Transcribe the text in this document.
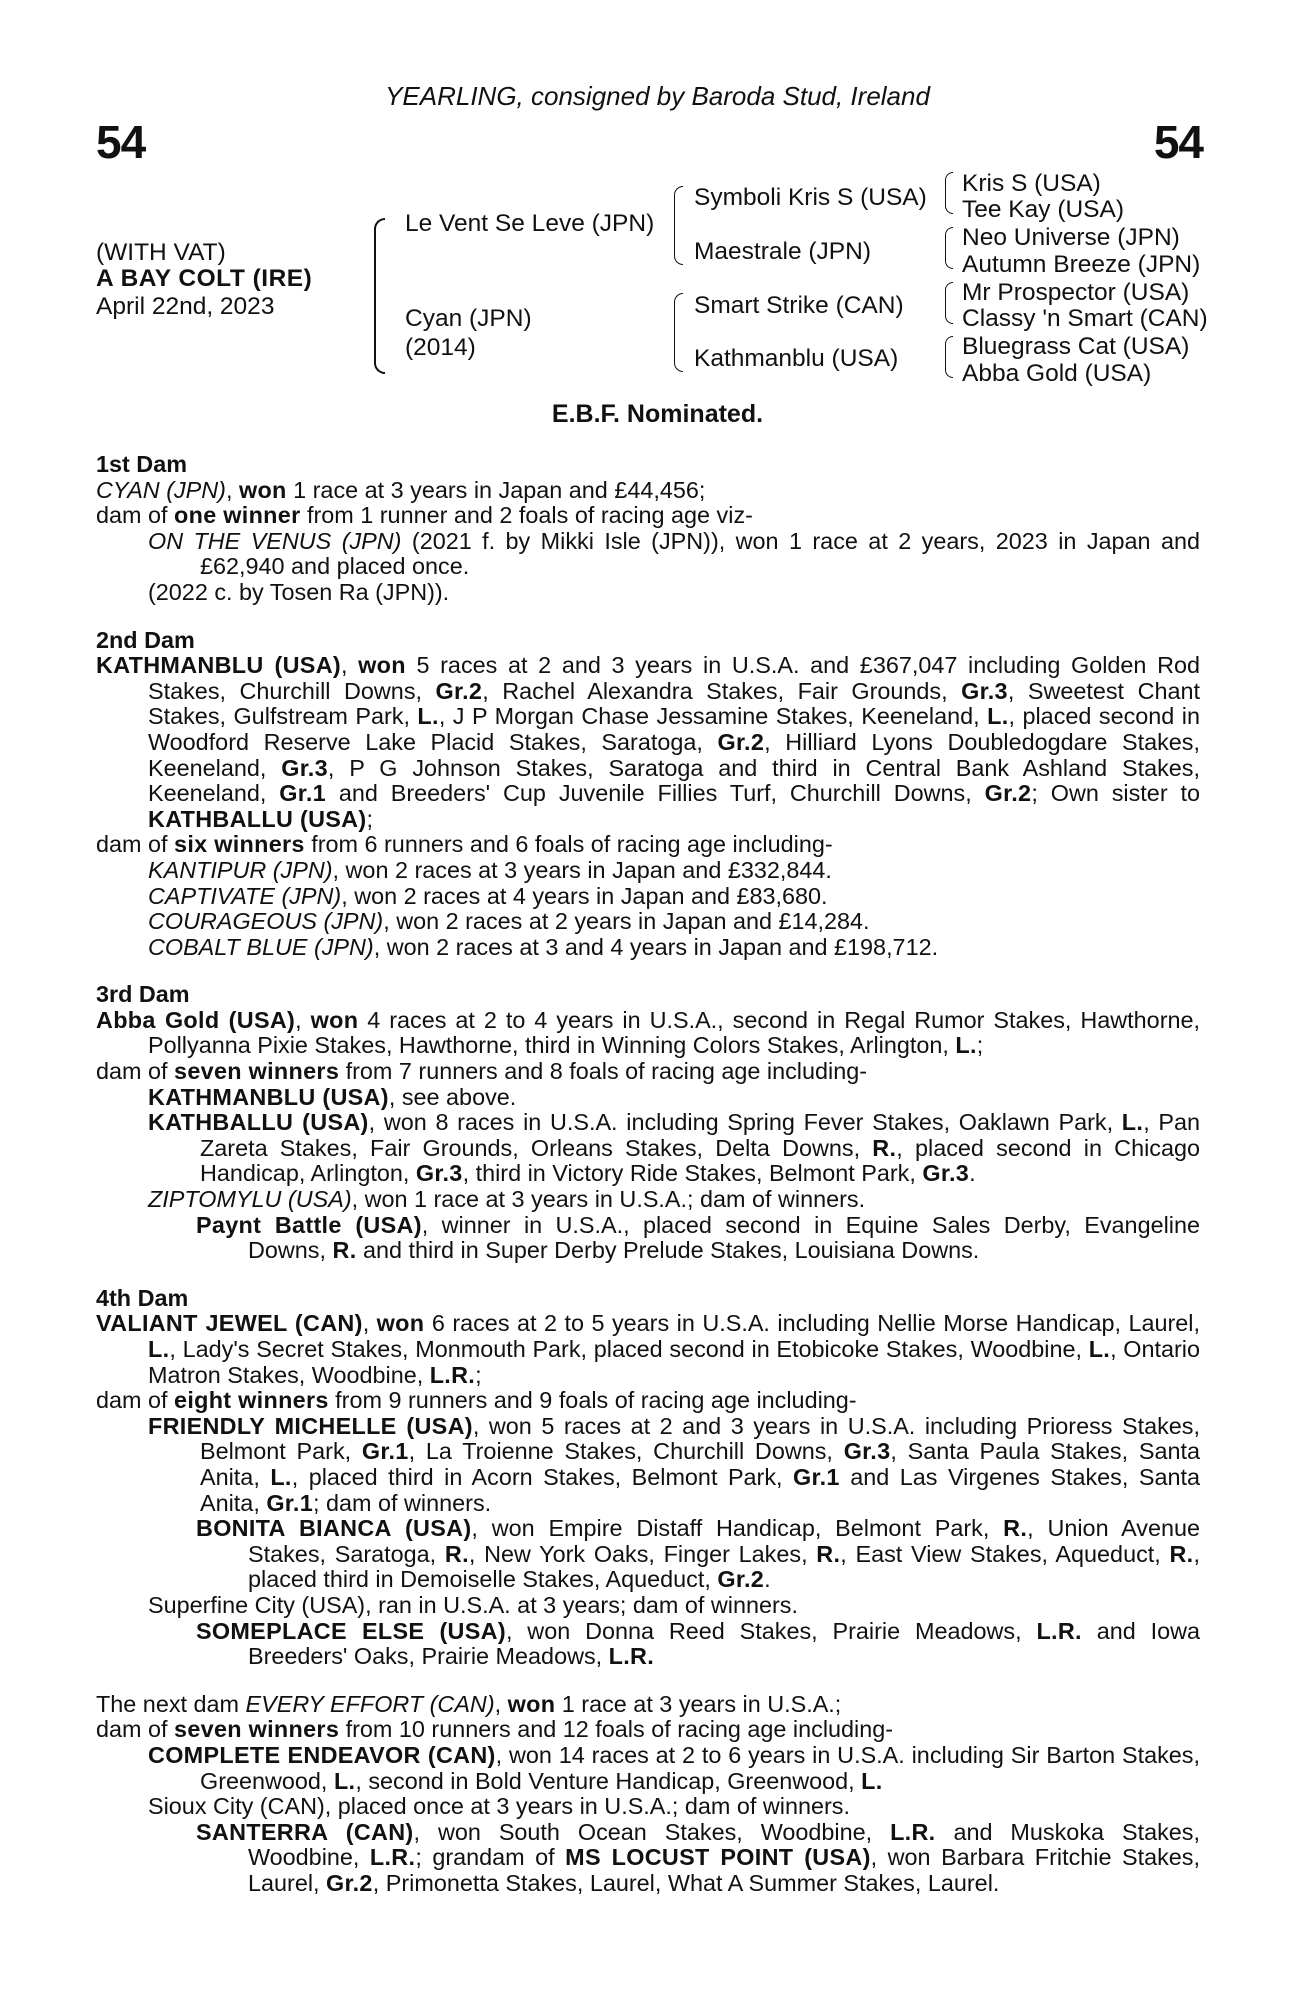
54	54
YEARLING, consigned by Baroda Stud, Ireland
(WITH VAT)
A BAY COLT (IRE)
April 22nd, 2023
Le Vent Se Leve (JPN)
Cyan (JPN)
(2014)
Symboli Kris S (USA)
Maestrale (JPN)
Smart Strike (CAN)
Kathmanblu (USA)
Kris S (USA)
Tee Kay (USA)
Neo Universe (JPN)
Autumn Breeze (JPN)
Mr Prospector (USA)
Classy 'n Smart (CAN)
Bluegrass Cat (USA)
Abba Gold (USA)
E.B.F. Nominated.

1st Dam

CYAN (JPN), won 1 race at 3 years in Japan and £44,456;

dam of one winner from 1 runner and 2 foals of racing age viz-

ON THE VENUS (JPN) (2021 f. by Mikki Isle (JPN)), won 1 race at 2 years, 2023 in Japan and £62,940 and placed once.

(2022 c. by Tosen Ra (JPN)).

2nd Dam

KATHMANBLU (USA), won 5 races at 2 and 3 years in U.S.A. and £367,047 including Golden Rod Stakes, Churchill Downs, Gr.2, Rachel Alexandra Stakes, Fair Grounds, Gr.3, Sweetest Chant Stakes, Gulfstream Park, L., J P Morgan Chase Jessamine Stakes, Keeneland, L., placed second in Woodford Reserve Lake Placid Stakes, Saratoga, Gr.2, Hilliard Lyons Doubledogdare Stakes, Keeneland, Gr.3, P G Johnson Stakes, Saratoga and third in Central Bank Ashland Stakes, Keeneland, Gr.1 and Breeders' Cup Juvenile Fillies Turf, Churchill Downs, Gr.2; Own sister to KATHBALLU (USA);

dam of six winners from 6 runners and 6 foals of racing age including-

KANTIPUR (JPN), won 2 races at 3 years in Japan and £332,844.

CAPTIVATE (JPN), won 2 races at 4 years in Japan and £83,680.

COURAGEOUS (JPN), won 2 races at 2 years in Japan and £14,284.

COBALT BLUE (JPN), won 2 races at 3 and 4 years in Japan and £198,712.

3rd Dam

Abba Gold (USA), won 4 races at 2 to 4 years in U.S.A., second in Regal Rumor Stakes, Hawthorne, Pollyanna Pixie Stakes, Hawthorne, third in Winning Colors Stakes, Arlington, L.;

dam of seven winners from 7 runners and 8 foals of racing age including-

KATHMANBLU (USA), see above.

KATHBALLU (USA), won 8 races in U.S.A. including Spring Fever Stakes, Oaklawn Park, L., Pan Zareta Stakes, Fair Grounds, Orleans Stakes, Delta Downs, R., placed second in Chicago Handicap, Arlington, Gr.3, third in Victory Ride Stakes, Belmont Park, Gr.3.

ZIPTOMYLU (USA), won 1 race at 3 years in U.S.A.; dam of winners.

Paynt Battle (USA), winner in U.S.A., placed second in Equine Sales Derby, Evangeline Downs, R. and third in Super Derby Prelude Stakes, Louisiana Downs.

4th Dam

VALIANT JEWEL (CAN), won 6 races at 2 to 5 years in U.S.A. including Nellie Morse Handicap, Laurel, L., Lady's Secret Stakes, Monmouth Park, placed second in Etobicoke Stakes, Woodbine, L., Ontario Matron Stakes, Woodbine, L.R.;

dam of eight winners from 9 runners and 9 foals of racing age including-

FRIENDLY MICHELLE (USA), won 5 races at 2 and 3 years in U.S.A. including Prioress Stakes, Belmont Park, Gr.1, La Troienne Stakes, Churchill Downs, Gr.3, Santa Paula Stakes, Santa Anita, L., placed third in Acorn Stakes, Belmont Park, Gr.1 and Las Virgenes Stakes, Santa Anita, Gr.1; dam of winners.

BONITA BIANCA (USA), won Empire Distaff Handicap, Belmont Park, R., Union Avenue Stakes, Saratoga, R., New York Oaks, Finger Lakes, R., East View Stakes, Aqueduct, R., placed third in Demoiselle Stakes, Aqueduct, Gr.2.

Superfine City (USA), ran in U.S.A. at 3 years; dam of winners.

SOMEPLACE ELSE (USA), won Donna Reed Stakes, Prairie Meadows, L.R. and Iowa Breeders' Oaks, Prairie Meadows, L.R.

The next dam EVERY EFFORT (CAN), won 1 race at 3 years in U.S.A.;

dam of seven winners from 10 runners and 12 foals of racing age including-

COMPLETE ENDEAVOR (CAN), won 14 races at 2 to 6 years in U.S.A. including Sir Barton Stakes, Greenwood, L., second in Bold Venture Handicap, Greenwood, L.

Sioux City (CAN), placed once at 3 years in U.S.A.; dam of winners.

SANTERRA (CAN), won South Ocean Stakes, Woodbine, L.R. and Muskoka Stakes, Woodbine, L.R.; grandam of MS LOCUST POINT (USA), won Barbara Fritchie Stakes, Laurel, Gr.2, Primonetta Stakes, Laurel, What A Summer Stakes, Laurel.
